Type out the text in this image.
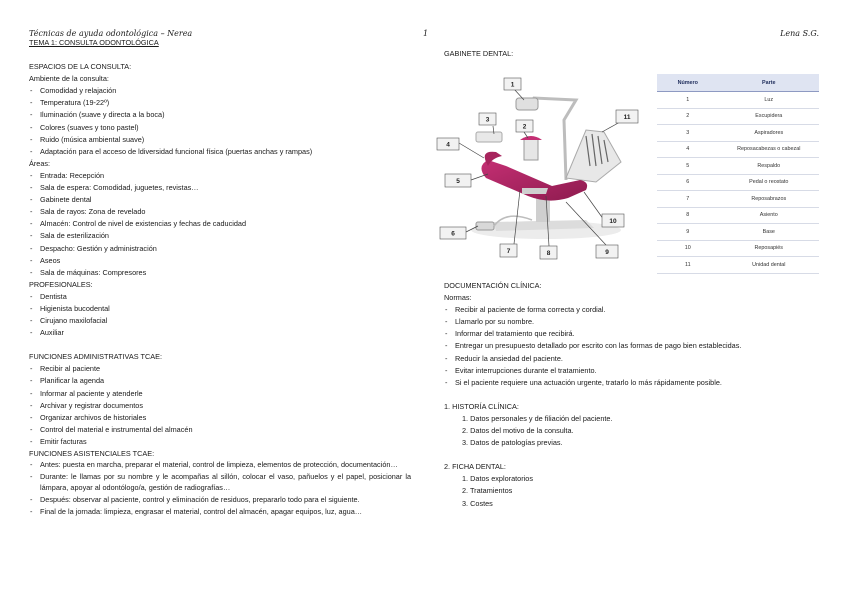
Técnicas de ayuda odontológica – Nerea	1	Lena S.G.
TEMA 1: CONSULTA ODONTOLÓGICA
ESPACIOS DE LA CONSULTA:
Ambiente de la consulta:
- Comodidad y relajación
- Temperatura (19-22º)
- Iluminación (suave y directa a la boca)
- Colores (suaves y tono pastel)
- Ruido (música ambiental suave)
- Adaptación para el acceso de ldiversidad funcional física (puertas anchas y rampas)
Áreas:
- Entrada: Recepción
- Sala de espera: Comodidad, juguetes, revistas…
- Gabinete dental
- Sala de rayos: Zona de revelado
- Almacén: Control de nivel de existencias y fechas de caducidad
- Sala de esterilización
- Despacho: Gestión y administración
- Aseos
- Sala de máquinas: Compresores
PROFESIONALES:
- Dentista
- Higienista bucodental
- Cirujano maxilofacial
- Auxiliar
FUNCIONES ADMINISTRATIVAS TCAE:
- Recibir al paciente
- Planificar la agenda
- Informar al paciente y atenderle
- Archivar y registrar documentos
- Organizar archivos de historiales
- Control del material e instrumental del almacén
- Emitir facturas
FUNCIONES ASISTENCIALES TCAE:
- Antes: puesta en marcha, preparar el material, control de limpieza, elementos de protección, documentación…
- Durante: le llamas por su nombre y le acompañas al sillón, colocar el vaso, pañuelos y el papel, posicionar la lámpara, apoyar al odontólogo/a, gestión de radiografías…
- Después: observar al paciente, control y eliminación de residuos, prepararlo todo para el siguiente.
- Final de la jornada: limpieza, engrasar el material, control del almacén, apagar equipos, luz, agua…
GABINETE DENTAL:
1
2
3
4
5
6
7	8	9
10
11
Número	Parte
1	Luz
2	Escupidera
3	Aspiradores
4	Reposacabezas o cabezal
5	Respaldo
6	Pedal o reostato
7	Reposabrazos
8	Asiento
9	Base
10	Reposapiés
11	Unidad dental
DOCUMENTACIÓN CLÍNICA:
Normas:
- Recibir al paciente de forma correcta y cordial.
- Llamarlo por su nombre.
- Informar del tratamiento que recibirá.
- Entregar un presupuesto detallado por escrito con las formas de pago bien establecidas.
- Reducir la ansiedad del paciente.
- Evitar interrupciones durante el tratamiento.
- Si el paciente requiere una actuación urgente, tratarlo lo más rápidamente posible.
1. HISTORÍA CLÍNICA:
1. Datos personales y de filiación del paciente.
2. Datos del motivo de la consulta.
3. Datos de patologías previas.
2. FICHA DENTAL:
1. Datos exploratorios
2. Tratamientos
3. Costes
